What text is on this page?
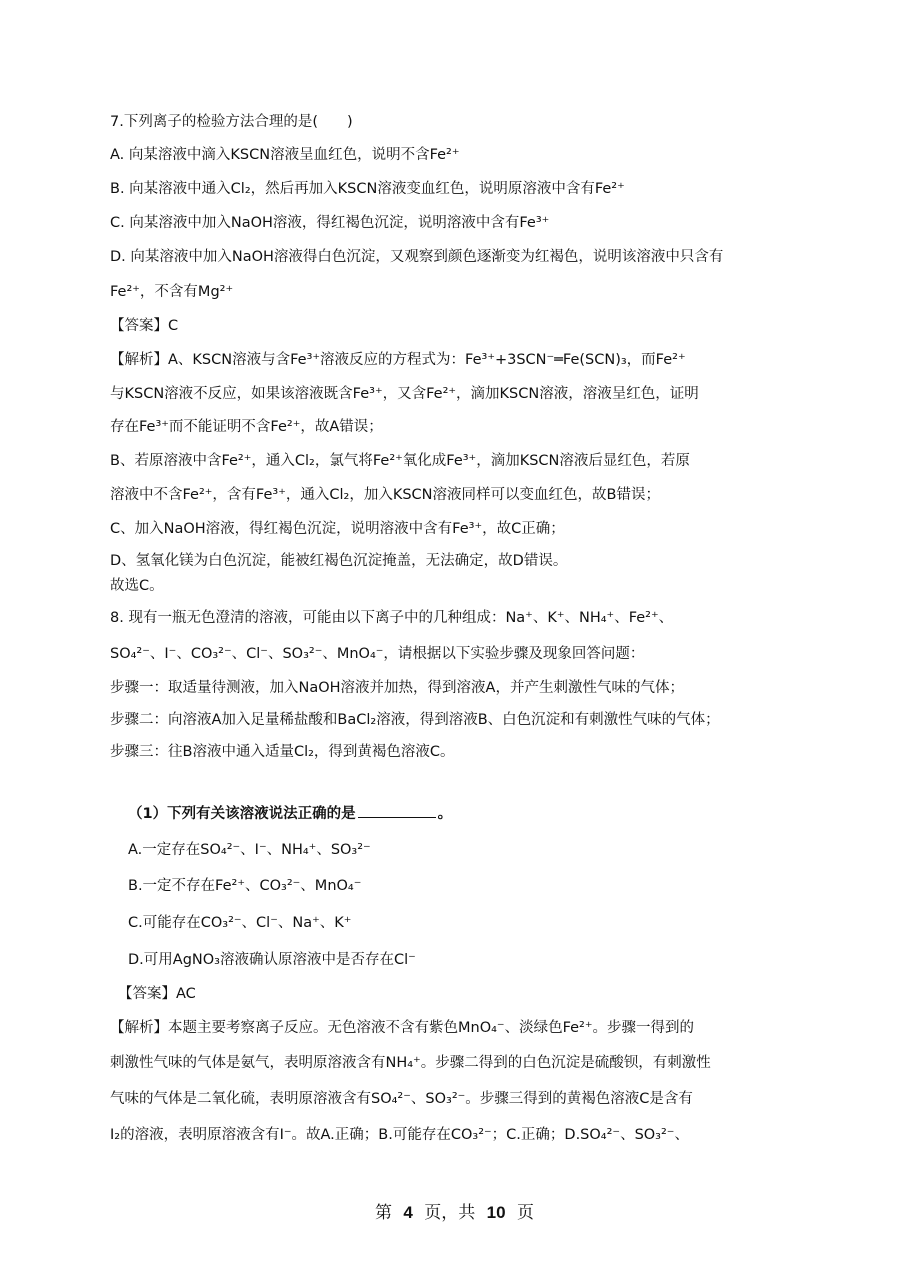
7.下列离子的检验方法合理的是(　　)
A. 向某溶液中滴入KSCN溶液呈血红色，说明不含Fe²⁺
B. 向某溶液中通入Cl₂，然后再加入KSCN溶液变血红色，说明原溶液中含有Fe²⁺
C. 向某溶液中加入NaOH溶液，得红褐色沉淀，说明溶液中含有Fe³⁺
D. 向某溶液中加入NaOH溶液得白色沉淀，又观察到颜色逐渐变为红褐色，说明该溶液中只含有
Fe²⁺，不含有Mg²⁺
【答案】C
【解析】A、KSCN溶液与含Fe³⁺溶液反应的方程式为：Fe³⁺+3SCN⁻═Fe(SCN)₃，而Fe²⁺
与KSCN溶液不反应，如果该溶液既含Fe³⁺，又含Fe²⁺，滴加KSCN溶液，溶液呈红色，证明
存在Fe³⁺而不能证明不含Fe²⁺，故A错误；
B、若原溶液中含Fe²⁺，通入Cl₂，氯气将Fe²⁺氧化成Fe³⁺，滴加KSCN溶液后显红色，若原
溶液中不含Fe²⁺，含有Fe³⁺，通入Cl₂，加入KSCN溶液同样可以变血红色，故B错误；
C、加入NaOH溶液，得红褐色沉淀，说明溶液中含有Fe³⁺，故C正确；
D、氢氧化镁为白色沉淀，能被红褐色沉淀掩盖，无法确定，故D错误。
故选C。
8. 现有一瓶无色澄清的溶液，可能由以下离子中的几种组成：Na⁺、K⁺、NH₄⁺、Fe²⁺、
SO₄²⁻、I⁻、CO₃²⁻、Cl⁻、SO₃²⁻、MnO₄⁻，请根据以下实验步骤及现象回答问题：
步骤一：取适量待测液，加入NaOH溶液并加热，得到溶液A，并产生刺激性气味的气体；
步骤二：向溶液A加入足量稀盐酸和BaCl₂溶液，得到溶液B、白色沉淀和有刺激性气味的气体；
步骤三：往B溶液中通入适量Cl₂，得到黄褐色溶液C。
A.一定存在SO₄²⁻、I⁻、NH₄⁺、SO₃²⁻
B.一定不存在Fe²⁺、CO₃²⁻、MnO₄⁻
C.可能存在CO₃²⁻、Cl⁻、Na⁺、K⁺
D.可用AgNO₃溶液确认原溶液中是否存在Cl⁻
【答案】AC
【解析】本题主要考察离子反应。无色溶液不含有紫色MnO₄⁻、淡绿色Fe²⁺。步骤一得到的
刺激性气味的气体是氨气，表明原溶液含有NH₄⁺。步骤二得到的白色沉淀是硫酸钡，有刺激性
气味的气体是二氧化硫，表明原溶液含有SO₄²⁻、SO₃²⁻。步骤三得到的黄褐色溶液C是含有
I₂的溶液，表明原溶液含有I⁻。故A.正确；B.可能存在CO₃²⁻；C.正确；D.SO₄²⁻、SO₃²⁻、
（1）下列有关该溶液说法正确的是	。
第 4 页，共 10 页
